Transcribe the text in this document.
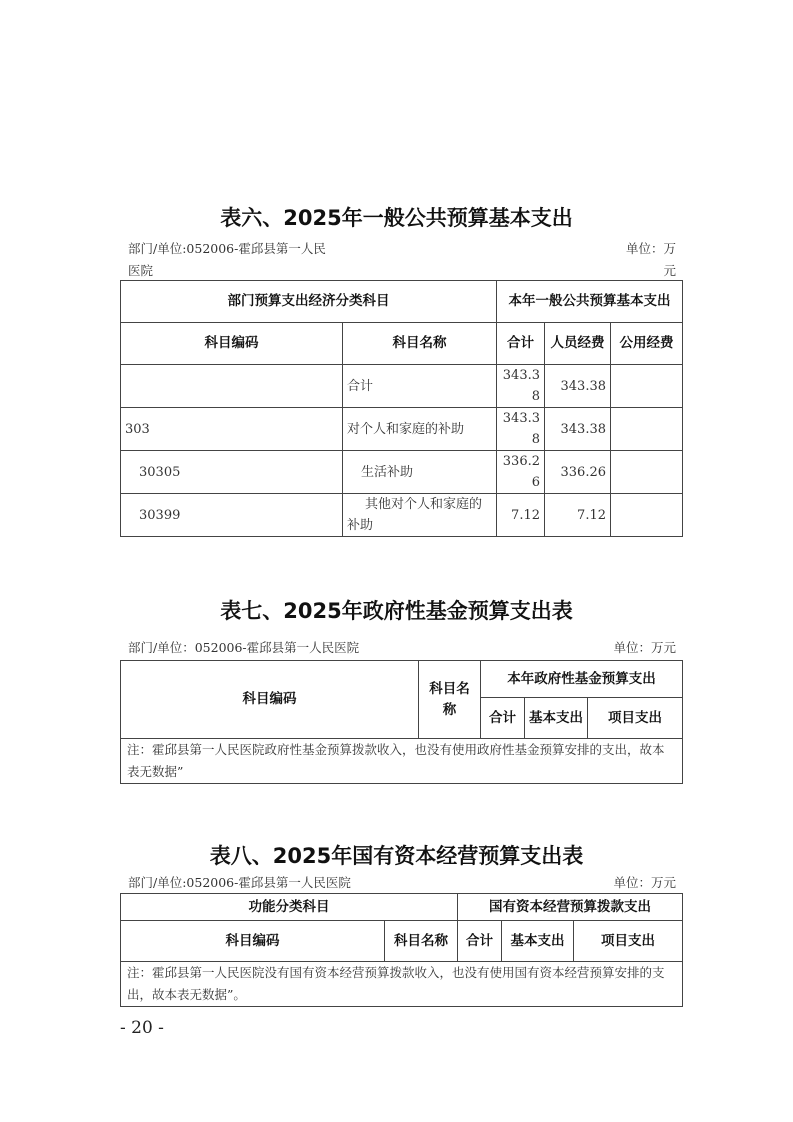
表六、2025年一般公共预算基本支出
部门/单位:052006-霍邱县第一人民医院
单位：万元
部门预算支出经济分类科目		本年一般公共预算基本支出		
科目编码	科目名称	合计	人员经费	公用经费
	合计	343.38	343.38	
303	对个人和家庭的补助	343.38	343.38	
30305	生活补助	336.26	336.26	
30399	其他对个人和家庭的补助	7.12	7.12	
表七、2025年政府性基金预算支出表
部门/单位：052006-霍邱县第一人民医院	单位：万元
科目编码	科目名称	本年政府性基金预算支出		
		合计	基本支出	项目支出
注：霍邱县第一人民医院政府性基金预算拨款收入，也没有使用政府性基金预算安排的支出，故本表无数据”				
表八、2025年国有资本经营预算支出表
部门/单位:052006-霍邱县第一人民医院	单位：万元
功能分类科目		国有资本经营预算拨款支出		
科目编码	科目名称	合计	基本支出	项目支出
注：霍邱县第一人民医院没有国有资本经营预算拨款收入，也没有使用国有资本经营预算安排的支出，故本表无数据”。				
- 20 -
